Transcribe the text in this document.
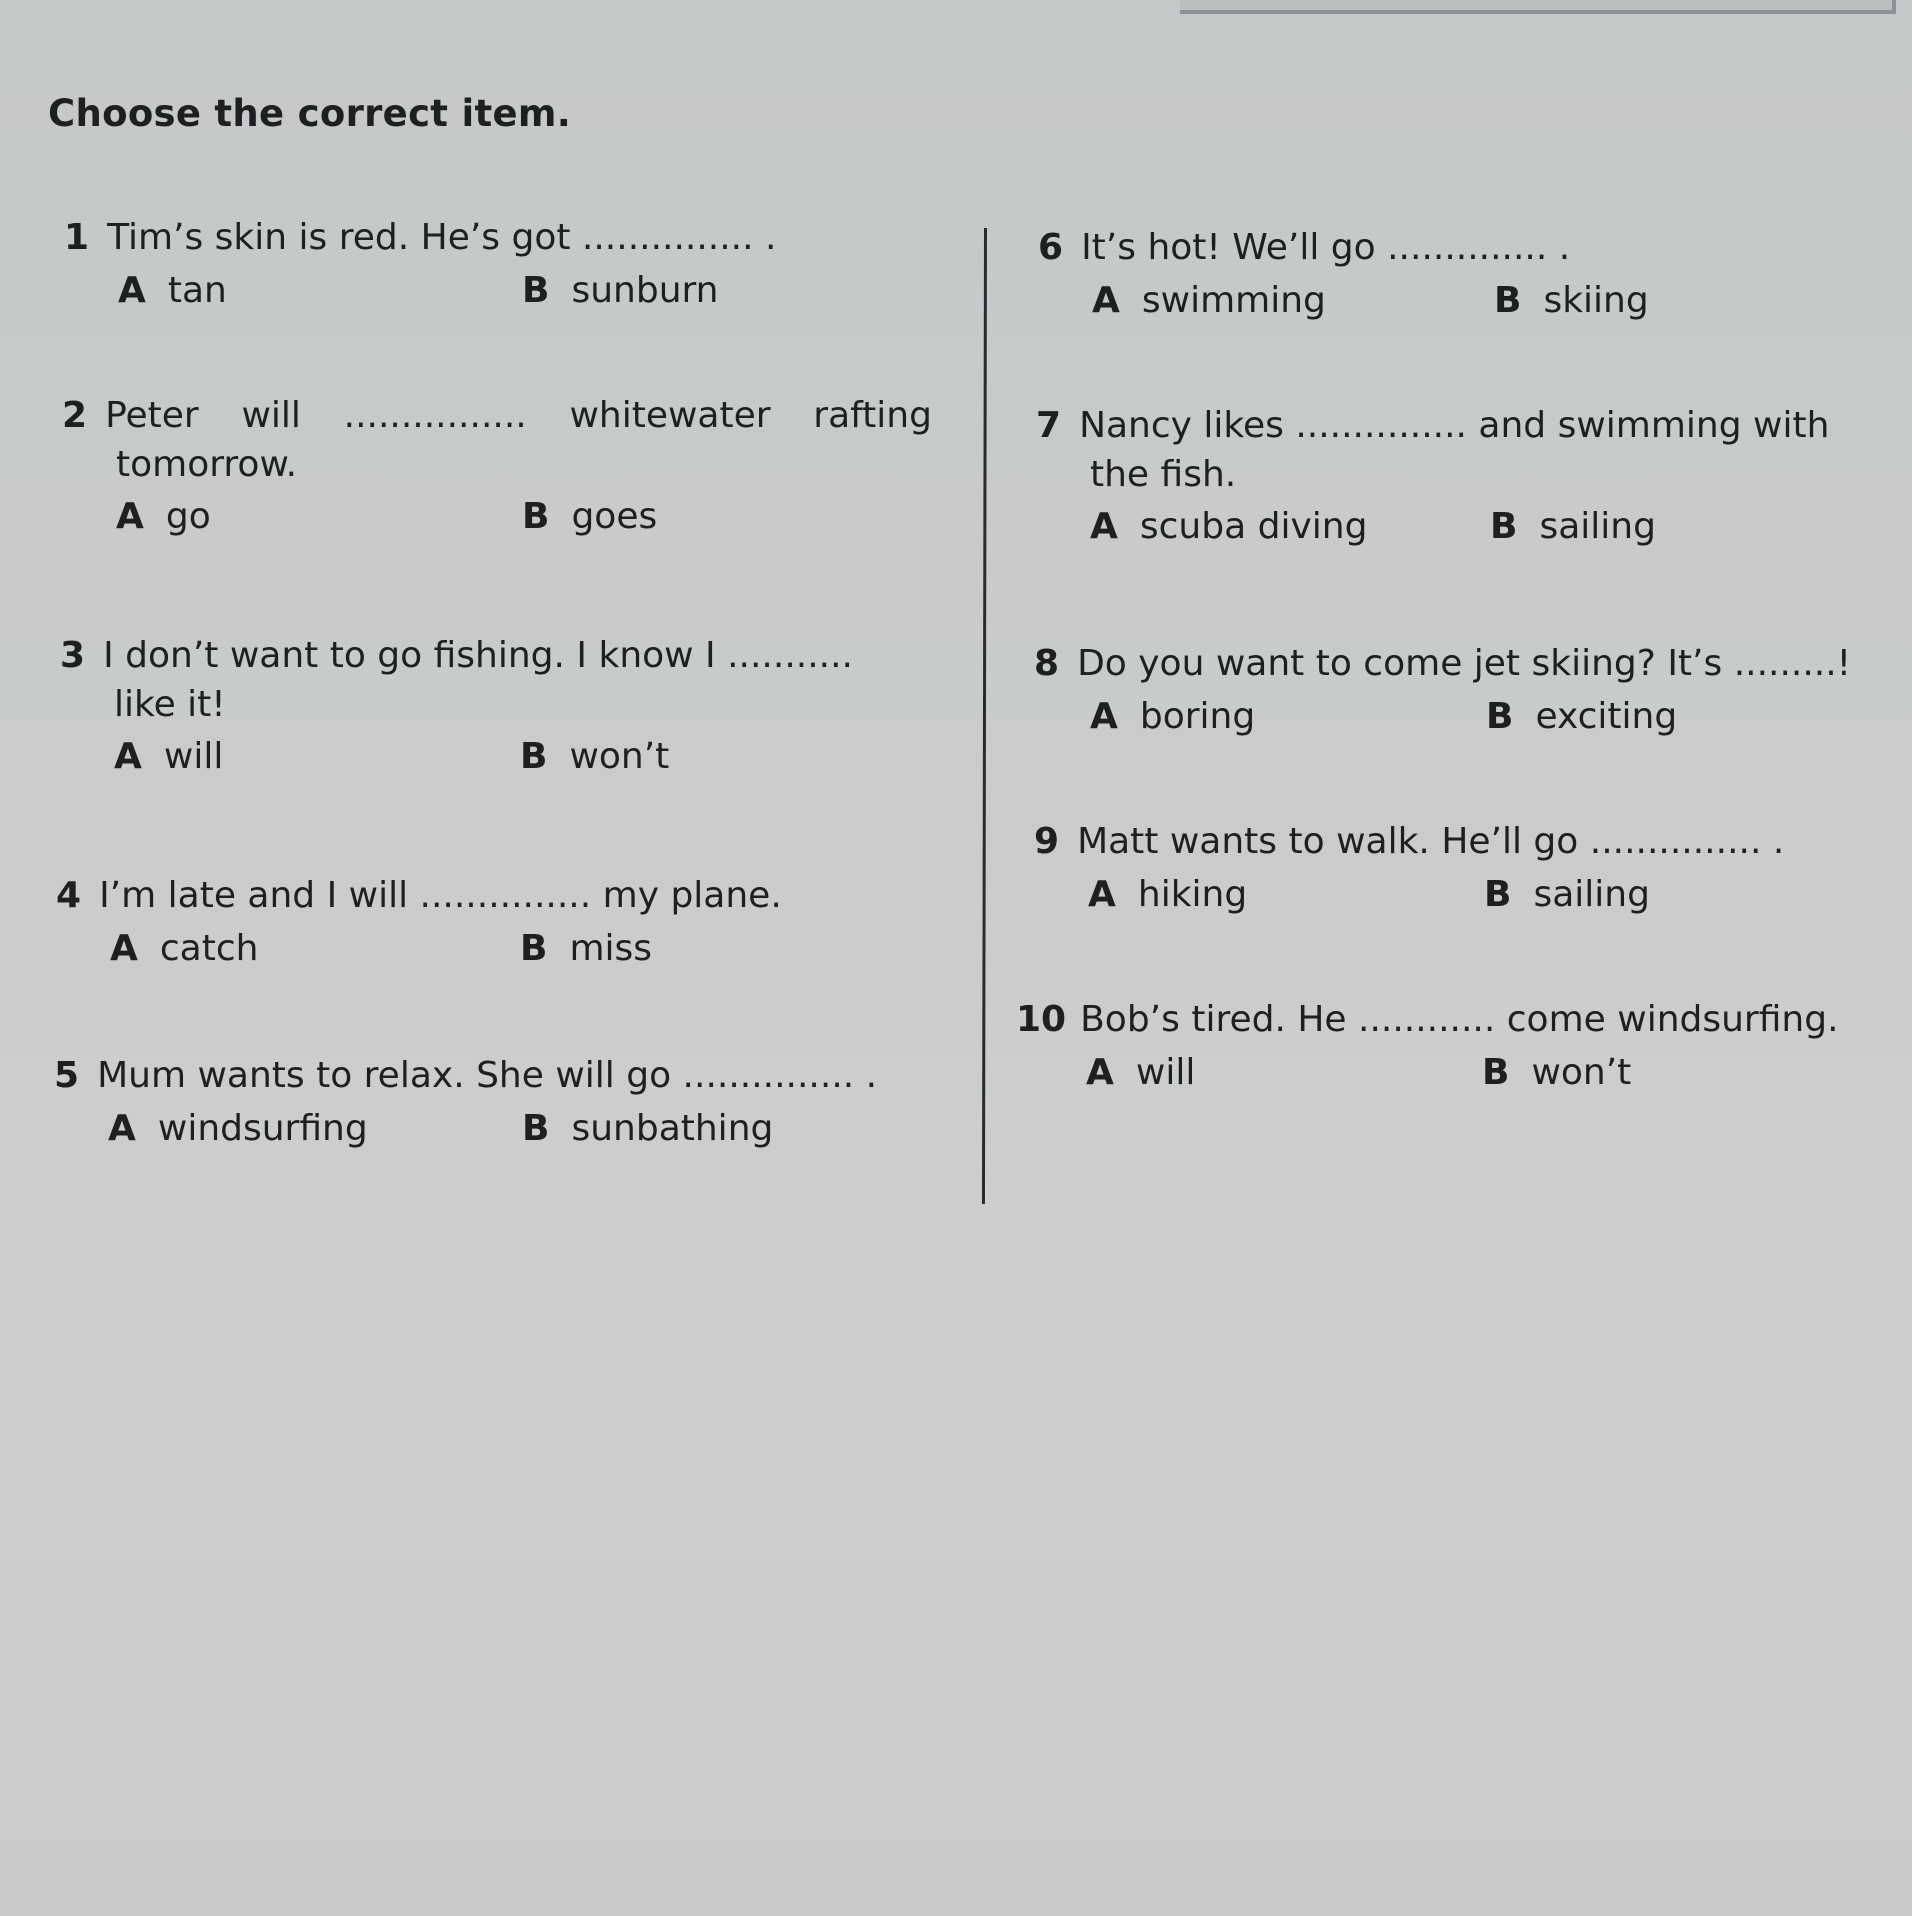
Choose the correct item.
1 Tim’s skin is red. He’s got ............... .
A tan	B sunburn
2 Peter will ................ whitewater rafting
tomorrow.
A go	B goes
3 I don’t want to go fishing. I know I ...........
like it!
A will	B won’t
4 I’m late and I will ............... my plane.
A catch	B miss
5 Mum wants to relax. She will go ............... .
A windsurfing	B sunbathing
6 It’s hot! We’ll go .............. .
A swimming	B skiing
7 Nancy likes ............... and swimming with
the fish.
A scuba diving	B sailing
8 Do you want to come jet skiing? It’s .........!
A boring	B exciting
9 Matt wants to walk. He’ll go ............... .
A hiking	B sailing
10 Bob’s tired. He ............ come windsurfing.
A will	B won’t
